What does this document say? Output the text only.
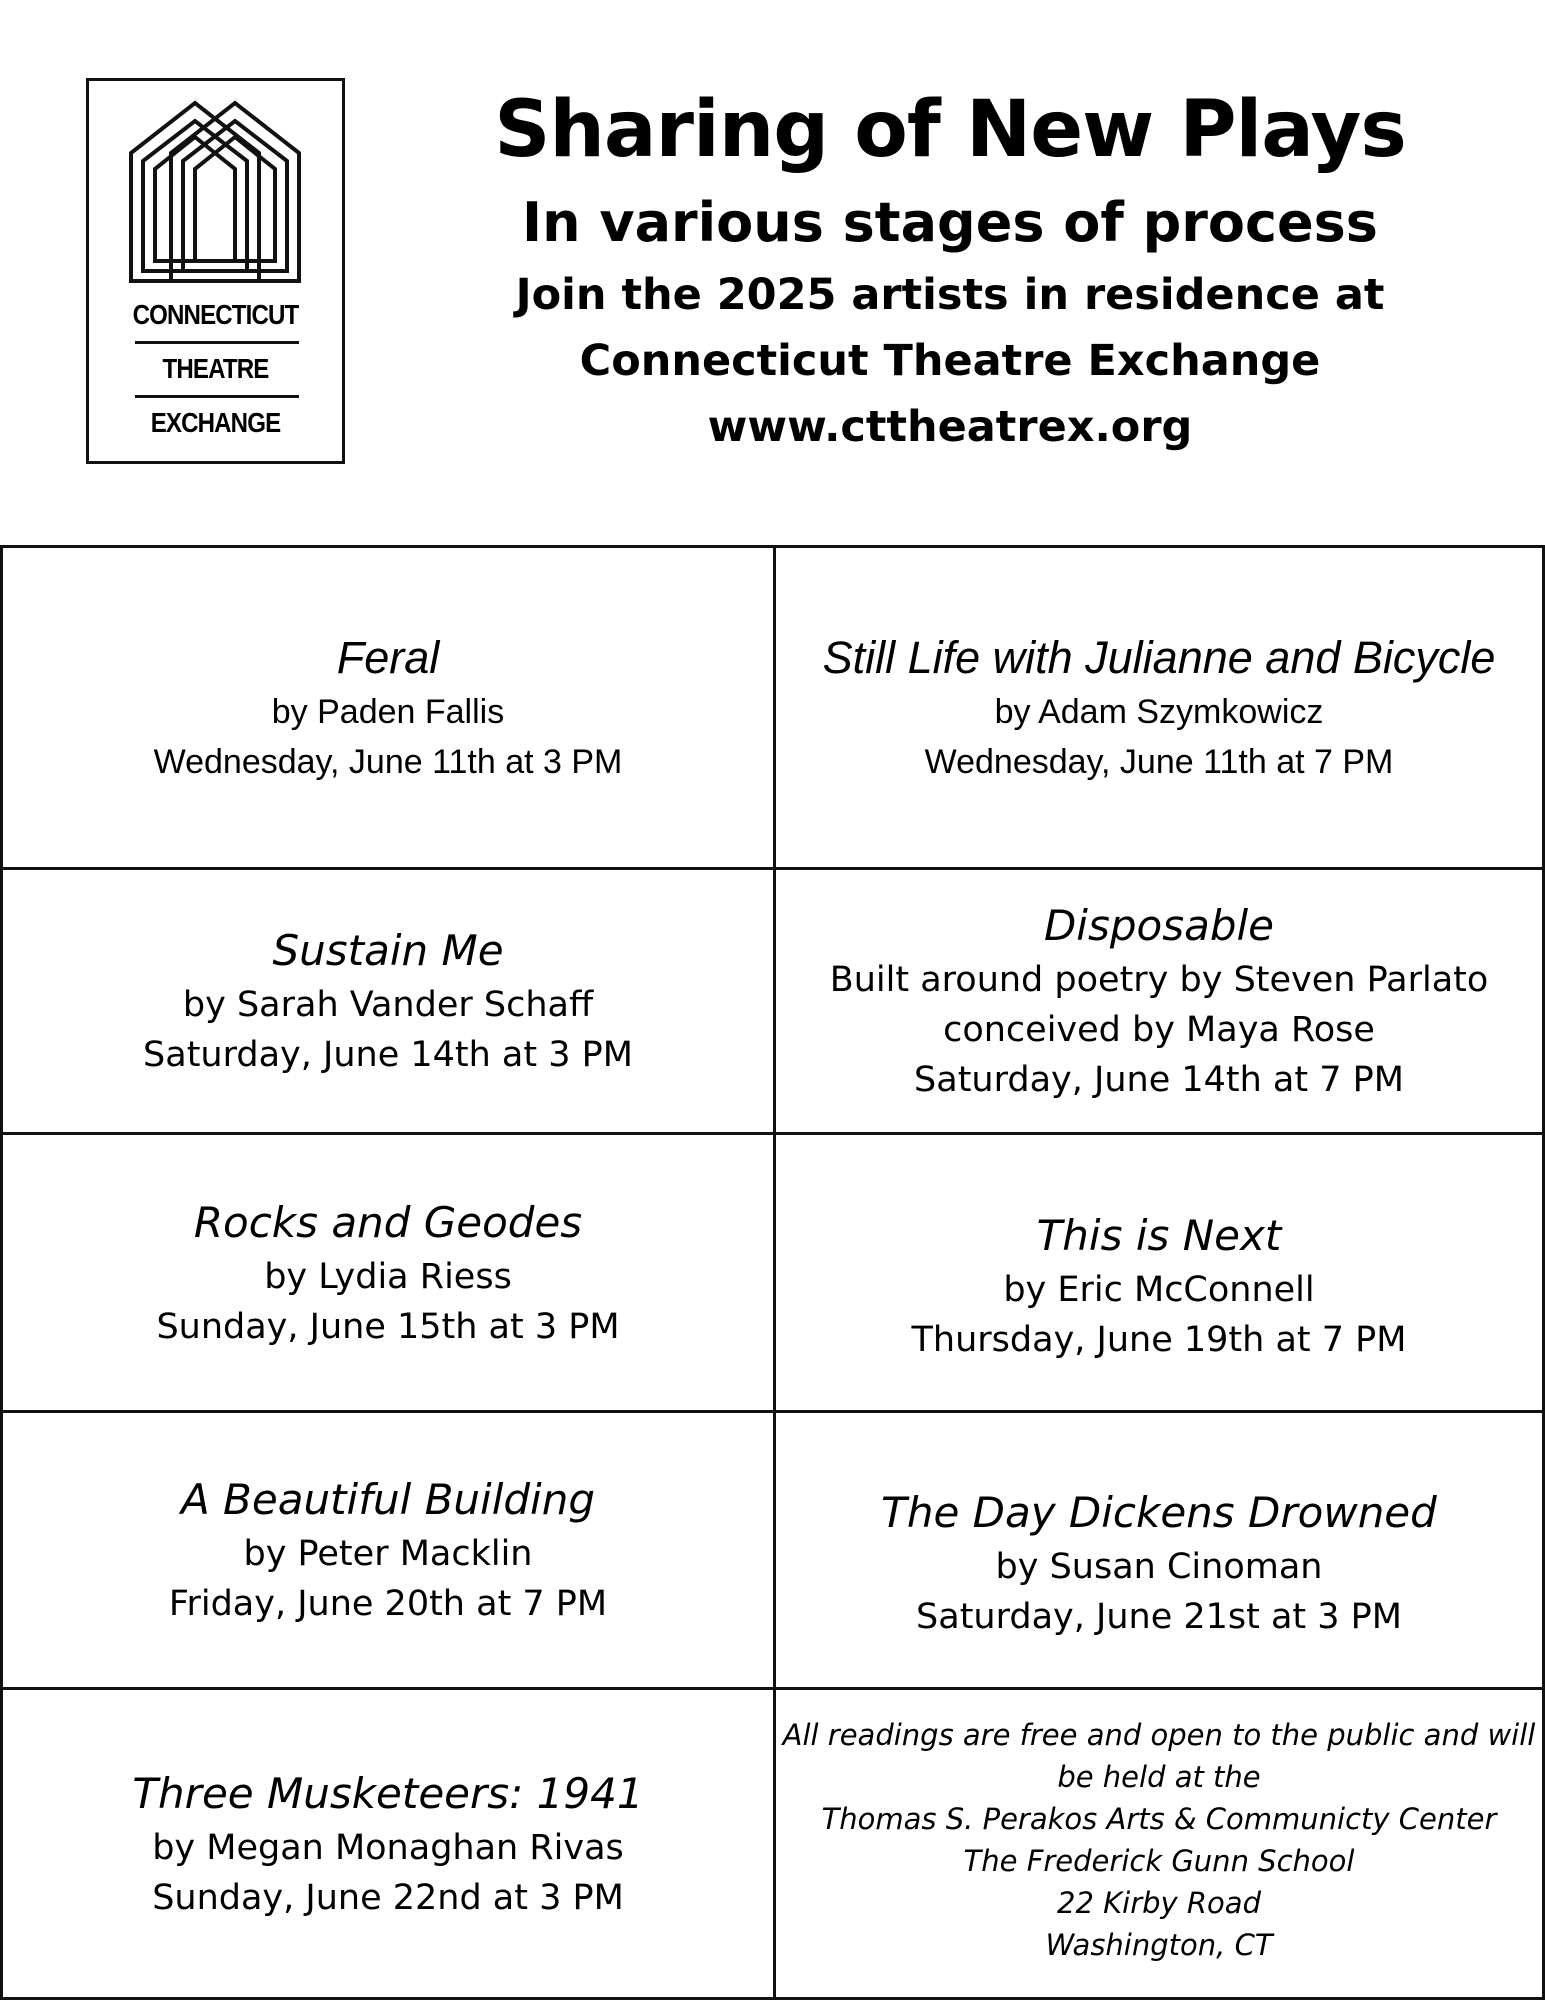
CONNECTICUT
THEATRE
EXCHANGE
Sharing of New Plays
In various stages of process
Join the 2025 artists in residence at
Connecticut Theatre Exchange
www.cttheatrex.org
Feral
by Paden Fallis
Wednesday, June 11th at 3 PM
Still Life with Julianne and Bicycle
by Adam Szymkowicz
Wednesday, June 11th at 7 PM
Sustain Me
by Sarah Vander Schaff
Saturday, June 14th at 3 PM
Disposable
Built around poetry by Steven Parlato
conceived by Maya Rose
Saturday, June 14th at 7 PM
Rocks and Geodes
by Lydia Riess
Sunday, June 15th at 3 PM
This is Next
by Eric McConnell
Thursday, June 19th at 7 PM
A Beautiful Building
by Peter Macklin
Friday, June 20th at 7 PM
The Day Dickens Drowned
by Susan Cinoman
Saturday, June 21st at 3 PM
Three Musketeers: 1941
by Megan Monaghan Rivas
Sunday, June 22nd at 3 PM
All readings are free and open to the public and will
be held at the
Thomas S. Perakos Arts & Communicty Center
The Frederick Gunn School
22 Kirby Road
Washington, CT
